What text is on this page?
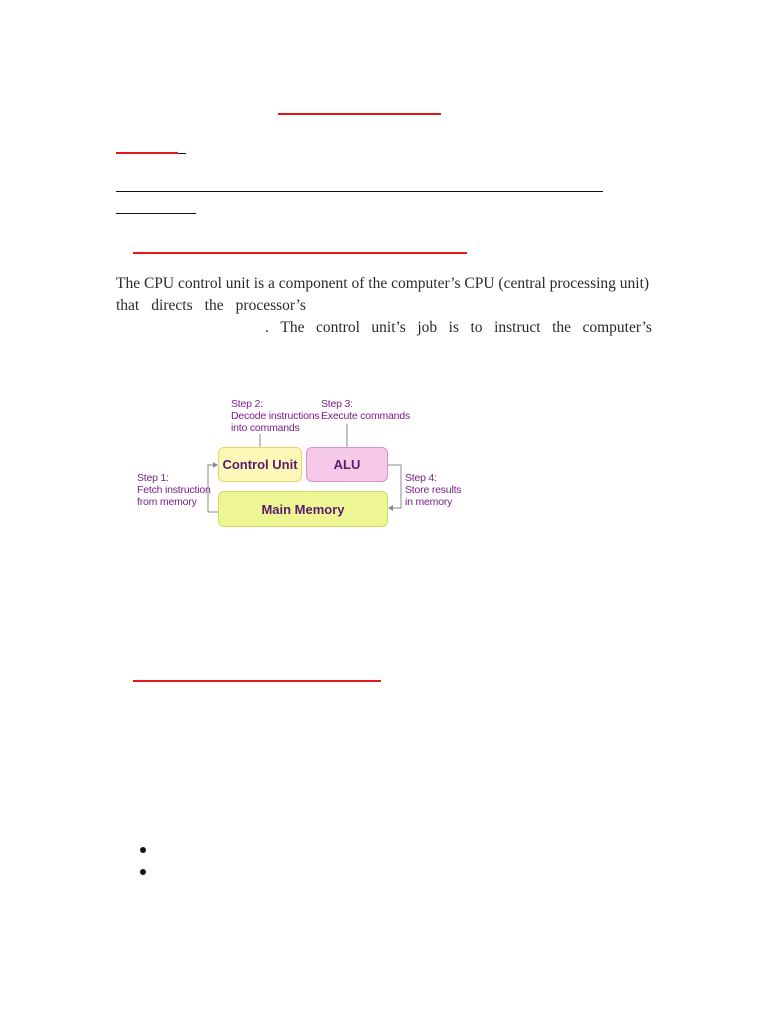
The CPU control unit is a component of the computer’s CPU (central processing unit)
that directs the processor’s
. The control unit’s job is to instruct the computer’s
Step 2:
Decode instructions
into commands
Step 3:
Execute commands
Step 1:
Fetch instruction
from memory
Step 4:
Store results
in memory
Control Unit	ALU
Main Memory
